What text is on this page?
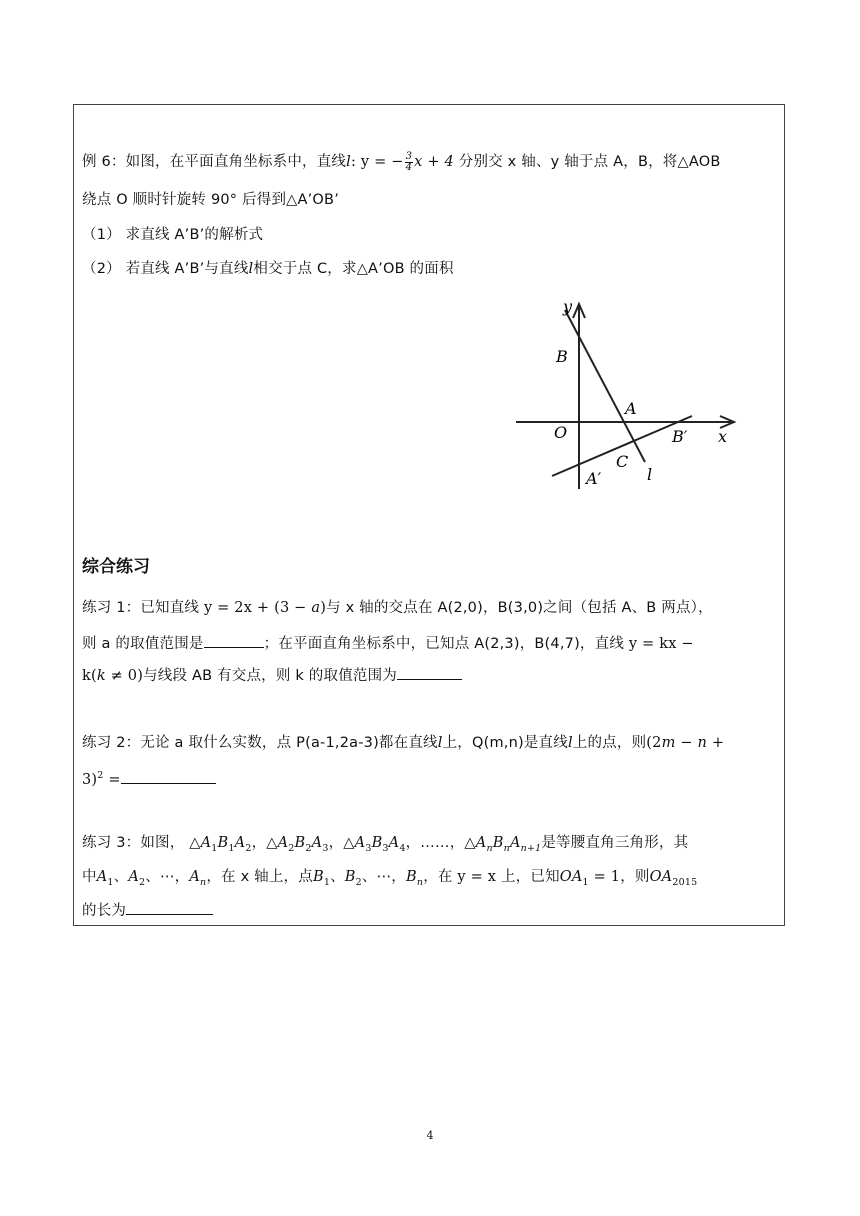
例 6：如图，在平面直角坐标系中，直线l: y = − $\frac{3}{4}$ x + 4 分别交 x 轴、y 轴于点 A，B，将△AOB
绕点 O 顺时针旋转 90° 后得到△A’OB’
（1） 求直线 A’B’的解析式
（2） 若直线 A’B’与直线l相交于点 C，求△A’OB 的面积
y
x
B
A
O	B′
C
l
A′
综合练习
练习 1：已知直线 y = 2x + (3 − a)与 x 轴的交点在 A(2,0)，B(3,0)之间（包括 A、B 两点），
则 a 的取值范围是	；在平面直角坐标系中，已知点 A(2,3)，B(4,7)，直线 y = kx −
k(k ≠ 0)与线段 AB 有交点，则 k 的取值范围为
练习 2：无论 a 取什么实数，点 P(a-1,2a-3)都在直线l上，Q(m,n)是直线l上的点，则(2m − n +
3)$^2$ =
练习 3：如图， $\triangle A_1B_1A_2$，$\triangle A_2B_2A_3$，$\triangle A_3B_3A_4$，……，$\triangle A_nB_nA_{n+1}$是等腰直角三角形，其
中$A_1$、$A_2$、⋯，$A_n$，在 x 轴上，点$B_1$、$B_2$、⋯，$B_n$，在 y = x 上，已知$OA_1 = 1$，则$OA_{2015}$
的长为
4
